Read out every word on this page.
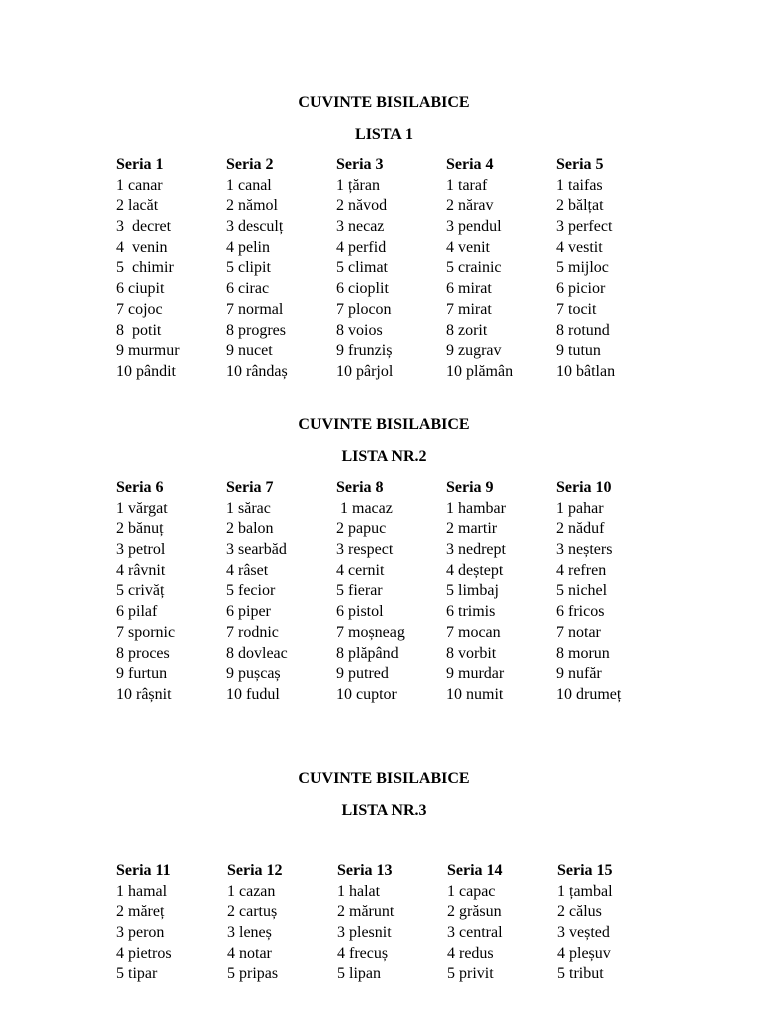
CUVINTE BISILABICE
LISTA 1
Seria 1
1 canar
2 lacăt
3  decret
4  venin
5  chimir
6 ciupit
7 cojoc
8  potit
9 murmur
10 pândit
Seria 2
1 canal
2 nămol
3 desculț
4 pelin
5 clipit
6 cirac
7 normal
8 progres
9 nucet
10 rândaș
Seria 3
1 țăran
2 năvod
3 necaz
4 perfid
5 climat
6 cioplit
7 plocon
8 voios
9 frunziș
10 pârjol
Seria 4
1 taraf
2 nărav
3 pendul
4 venit
5 crainic
6 mirat
7 mirat
8 zorit
9 zugrav
10 plămân
Seria 5
1 taifas
2 bălțat
3 perfect
4 vestit
5 mijloc
6 picior
7 tocit
8 rotund
9 tutun
10 bâtlan
CUVINTE BISILABICE
LISTA NR.2
Seria 6
1 vărgat
2 bănuț
3 petrol
4 râvnit
5 crivăț
6 pilaf
7 spornic
8 proces
9 furtun
10 râșnit
Seria 7
1 sărac
2 balon
3 searbăd
4 râset
5 fecior
6 piper
7 rodnic
8 dovleac
9 pușcaș
10 fudul
Seria 8
1 macaz
2 papuc
3 respect
4 cernit
5 fierar
6 pistol
7 moșneag
8 plăpând
9 putred
10 cuptor
Seria 9
1 hambar
2 martir
3 nedrept
4 deștept
5 limbaj
6 trimis
7 mocan
8 vorbit
9 murdar
10 numit
Seria 10
1 pahar
2 năduf
3 neșters
4 refren
5 nichel
6 fricos
7 notar
8 morun
9 nufăr
10 drumeț
CUVINTE BISILABICE
LISTA NR.3
Seria 11
1 hamal
2 măreț
3 peron
4 pietros
5 tipar
Seria 12
1 cazan
2 cartuș
3 leneș
4 notar
5 pripas
Seria 13
1 halat
2 mărunt
3 plesnit
4 frecuș
5 lipan
Seria 14
1 capac
2 grăsun
3 central
4 redus
5 privit
Seria 15
1 țambal
2 călus
3 veșted
4 pleșuv
5 tribut
